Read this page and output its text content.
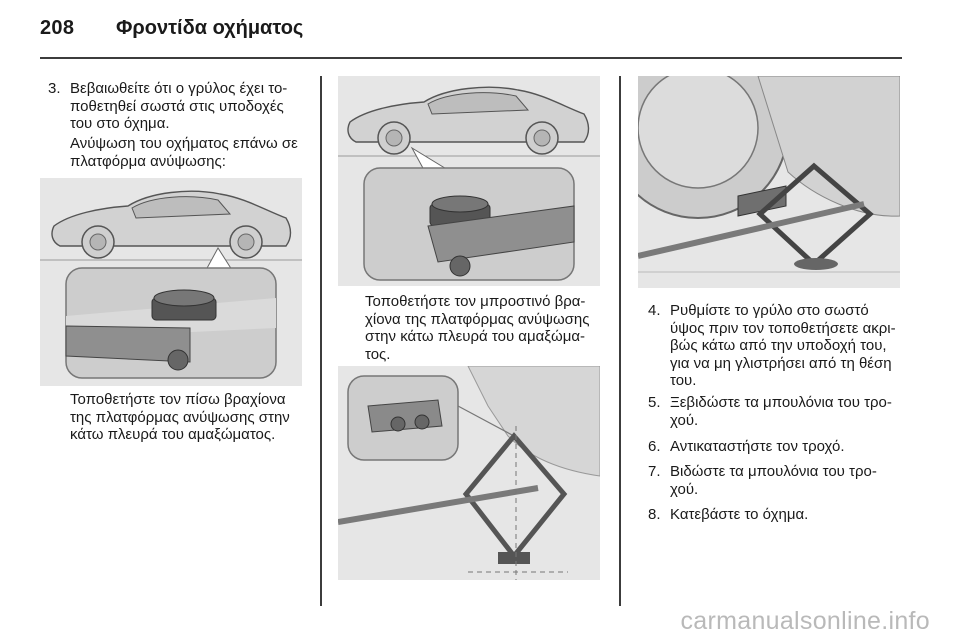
208 Φροντίδα οχήματος
3. Βεβαιωθείτε ότι ο γρύλος έχει το-ποθετηθεί σωστά στις υποδοχές του στο όχημα.
Ανύψωση του οχήματος επάνω σε πλατφόρμα ανύψωσης:
Τοποθετήστε τον πίσω βραχίονα της πλατφόρμας ανύψωσης στην κάτω πλευρά του αμαξώματος.
Τοποθετήστε τον μπροστινό βρα-χίονα της πλατφόρμας ανύψωσης στην κάτω πλευρά του αμαξώμα-τος.
4. Ρυθμίστε το γρύλο στο σωστό ύψος πριν τον τοποθετήσετε ακρι-βώς κάτω από την υποδοχή του, για να μη γλιστρήσει από τη θέση του.
5. Ξεβιδώστε τα μπουλόνια του τρο-χού.
6. Αντικαταστήστε τον τροχό.
7. Βιδώστε τα μπουλόνια του τρο-χού.
8. Κατεβάστε το όχημα.
carmanualsonline.info
